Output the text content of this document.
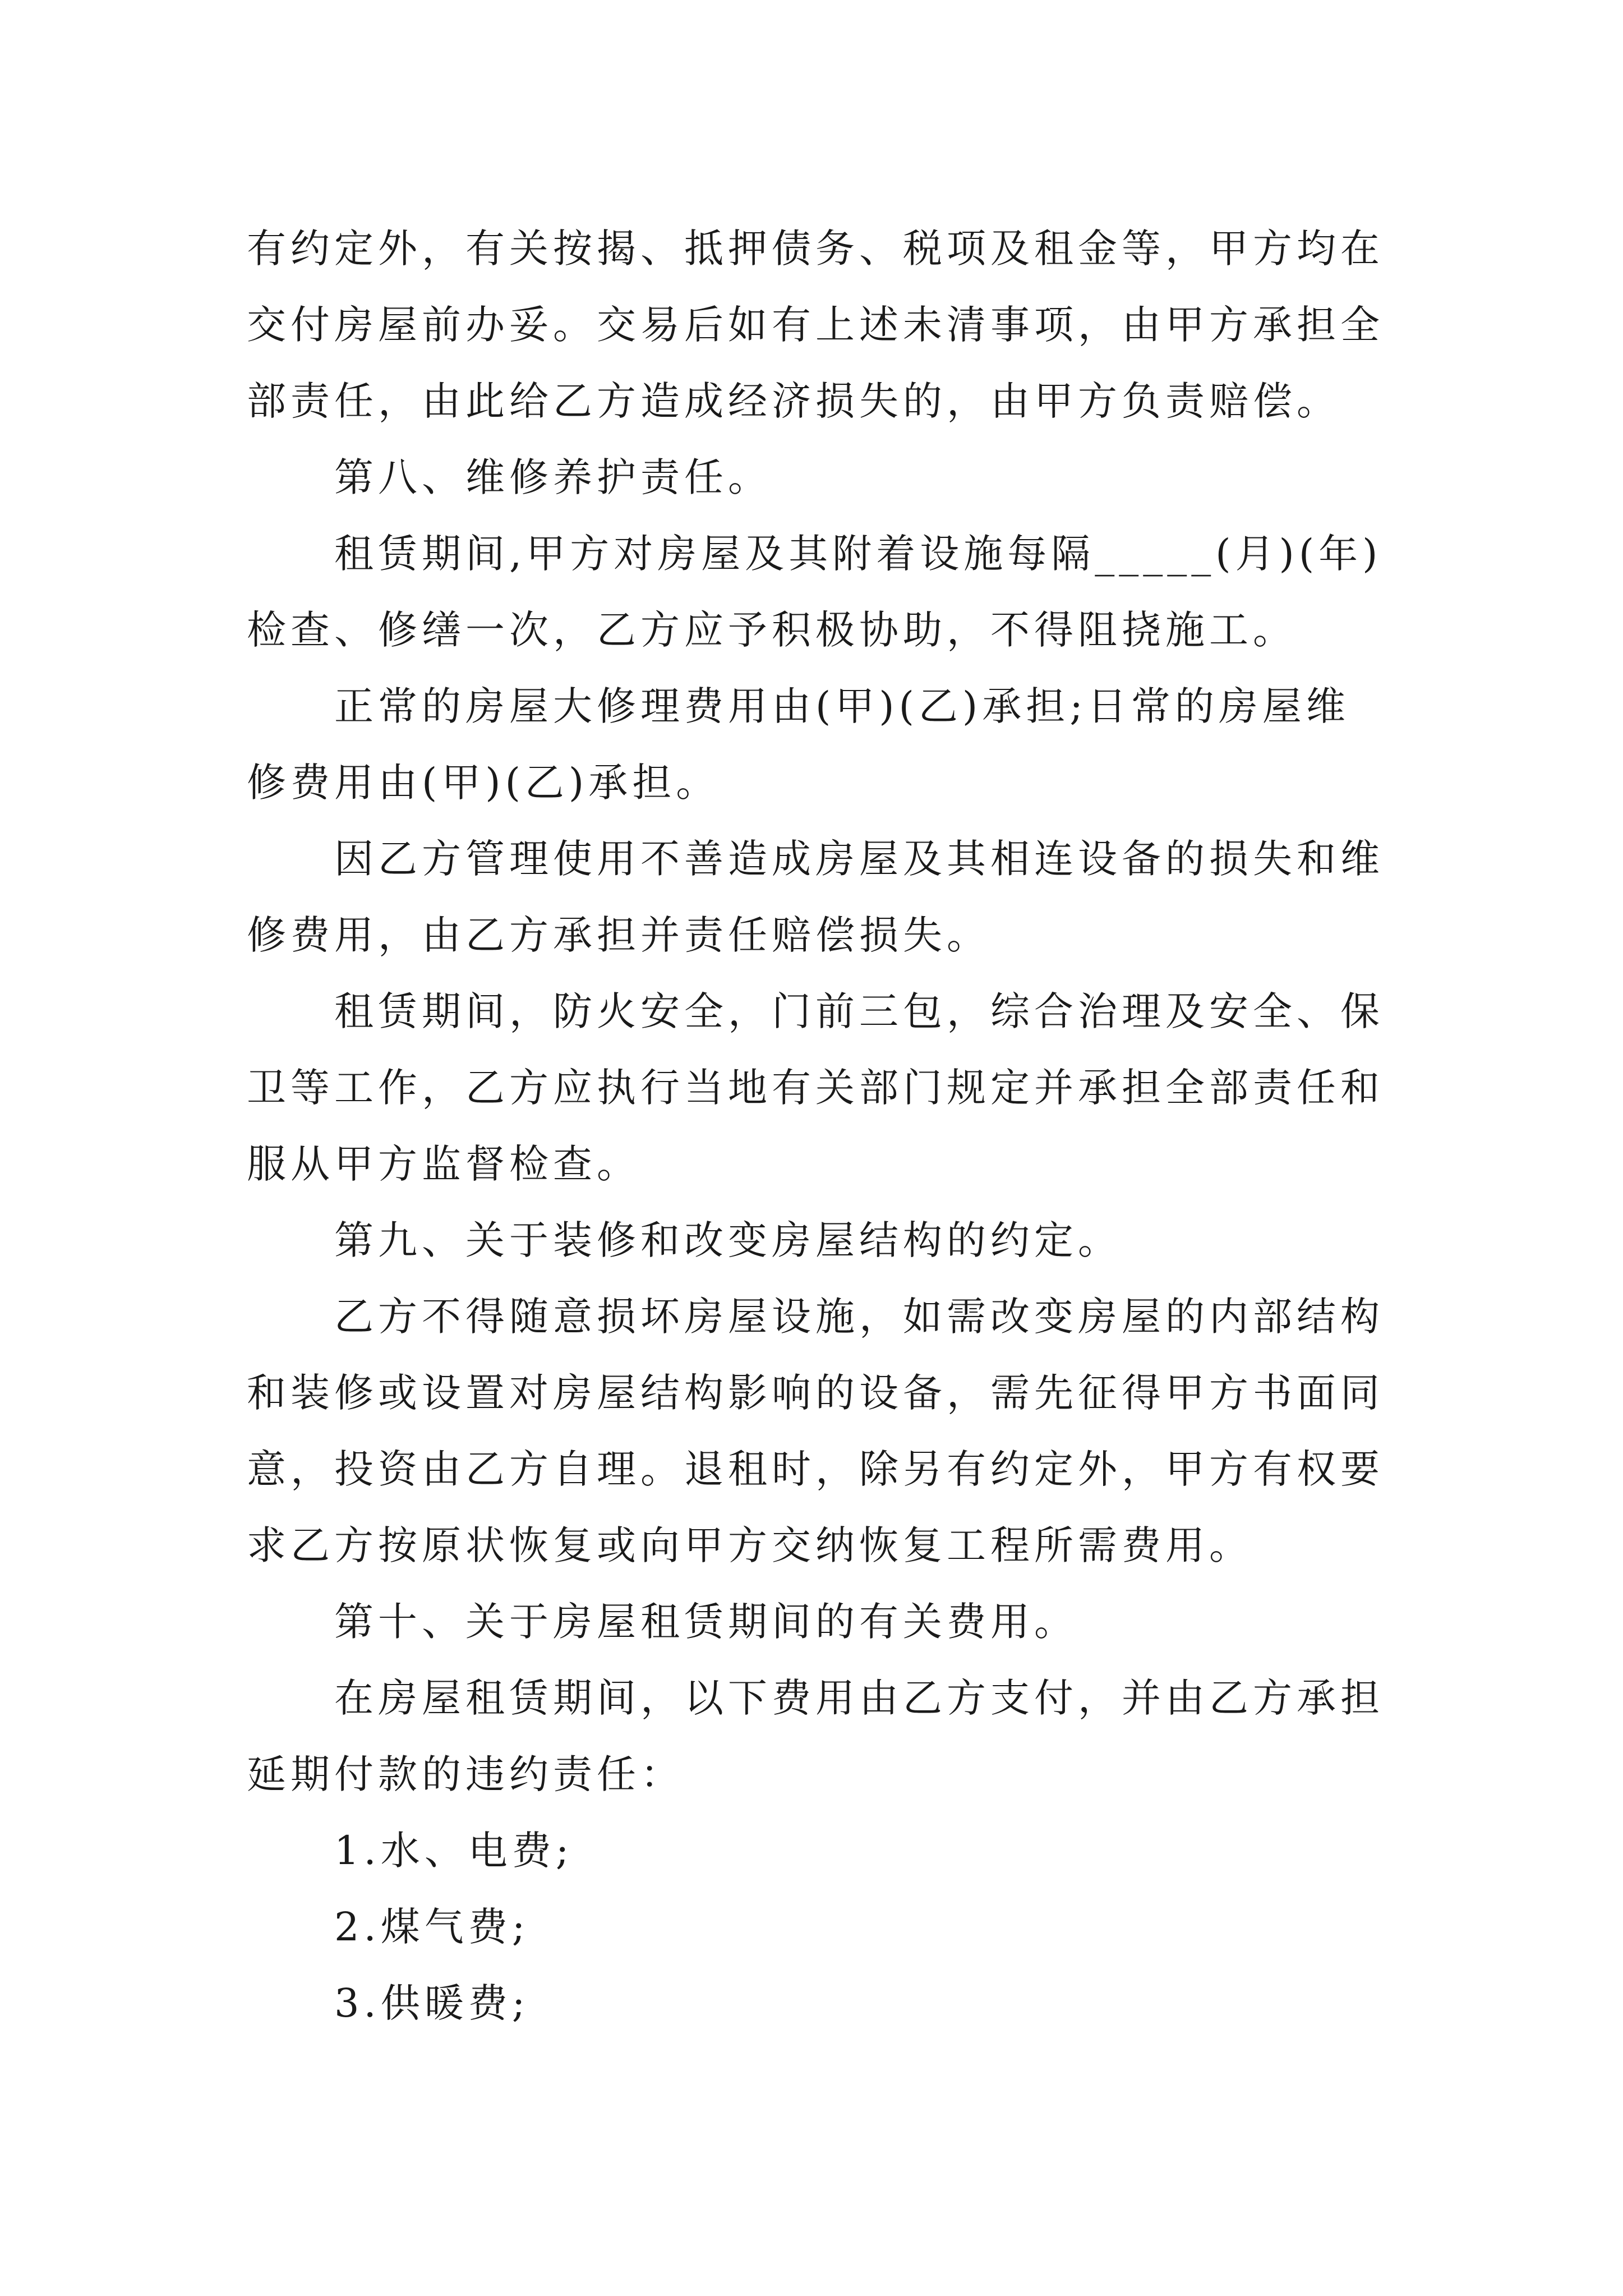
有约定外，有关按揭、抵押债务、税项及租金等，甲方均在交付房屋前办妥。交易后如有上述未清事项，由甲方承担全部责任，由此给乙方造成经济损失的，由甲方负责赔偿。

第八、维修养护责任。

租赁期间,甲方对房屋及其附着设施每隔_____(月)(年)检查、修缮一次，乙方应予积极协助，不得阻挠施工。

正常的房屋大修理费用由(甲)(乙)承担;日常的房屋维修费用由(甲)(乙)承担。

因乙方管理使用不善造成房屋及其相连设备的损失和维修费用，由乙方承担并责任赔偿损失。

租赁期间，防火安全，门前三包，综合治理及安全、保卫等工作，乙方应执行当地有关部门规定并承担全部责任和服从甲方监督检查。

第九、关于装修和改变房屋结构的约定。

乙方不得随意损坏房屋设施，如需改变房屋的内部结构和装修或设置对房屋结构影响的设备，需先征得甲方书面同意，投资由乙方自理。退租时，除另有约定外，甲方有权要求乙方按原状恢复或向甲方交纳恢复工程所需费用。

第十、关于房屋租赁期间的有关费用。

在房屋租赁期间，以下费用由乙方支付，并由乙方承担延期付款的违约责任：

1.水、电费;

2.煤气费;

3.供暖费;
